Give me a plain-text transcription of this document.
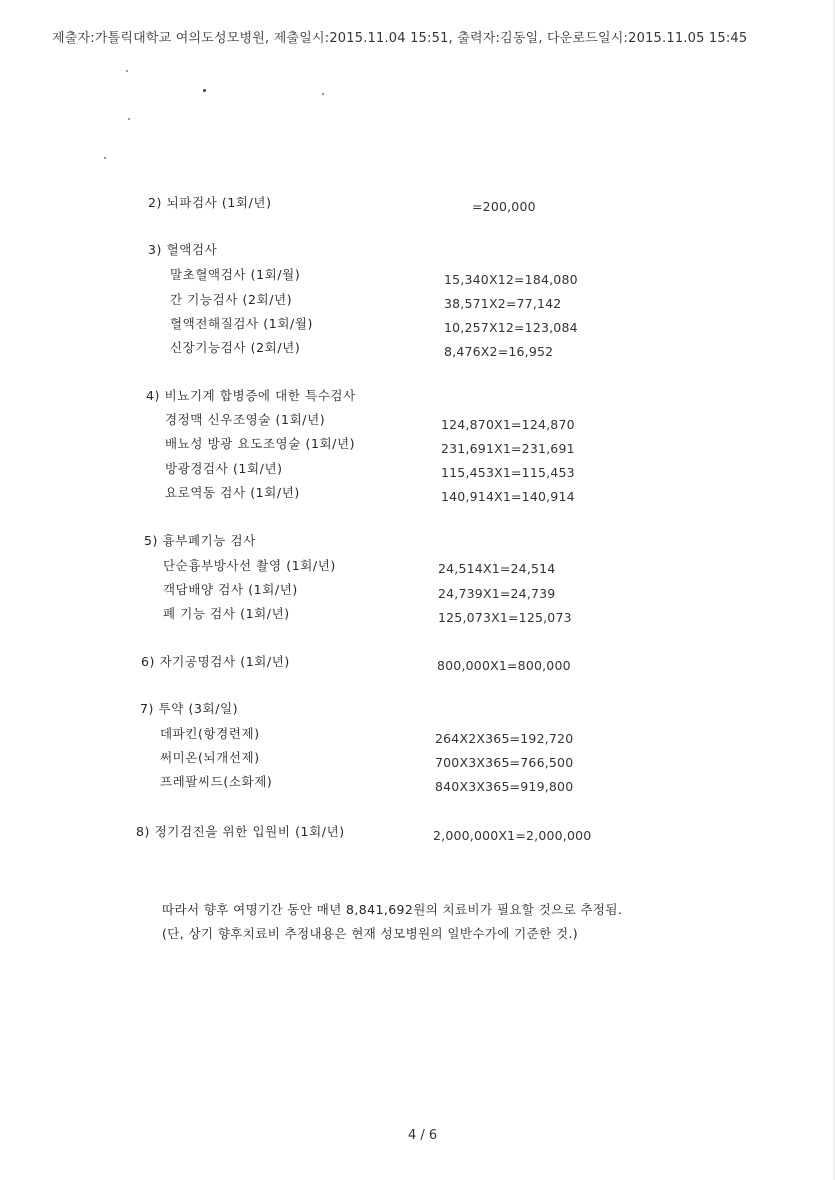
제출자:가톨릭대학교 여의도성모병원, 제출일시:2015.11.04 15:51, 출력자:김동일, 다운로드일시:2015.11.05 15:45
2) 뇌파검사 (1회/년)	=200,000
3) 혈액검사
말초혈액검사 (1회/월)	15,340X12=184,080
간 기능검사 (2회/년)	38,571X2=77,142
혈액전해질검사 (1회/월)	10,257X12=123,084
신장기능검사 (2회/년)	8,476X2=16,952
4) 비뇨기계 합병증에 대한 특수검사
경정맥 신우조영술 (1회/년)	124,870X1=124,870
배뇨성 방광 요도조영술 (1회/년)	231,691X1=231,691
방광경검사 (1회/년)	115,453X1=115,453
요로역동 검사 (1회/년)	140,914X1=140,914
5) 흉부폐기능 검사
단순흉부방사선 촬영 (1회/년)	24,514X1=24,514
객담배양 검사 (1회/년)	24,739X1=24,739
폐 기능 검사 (1회/년)	125,073X1=125,073
6) 자기공명검사 (1회/년)	800,000X1=800,000
7) 투약 (3회/일)
데파킨(항경련제)	264X2X365=192,720
써미온(뇌개선제)	700X3X365=766,500
프레팔씨드(소화제)	840X3X365=919,800
8) 정기검진을 위한 입원비 (1회/년)	2,000,000X1=2,000,000
따라서 향후 여명기간 동안 매년 8,841,692원의 치료비가 필요할 것으로 추정됨.
(단, 상기 향후치료비 추정내용은 현재 성모병원의 일반수가에 기준한 것.)
4 / 6
